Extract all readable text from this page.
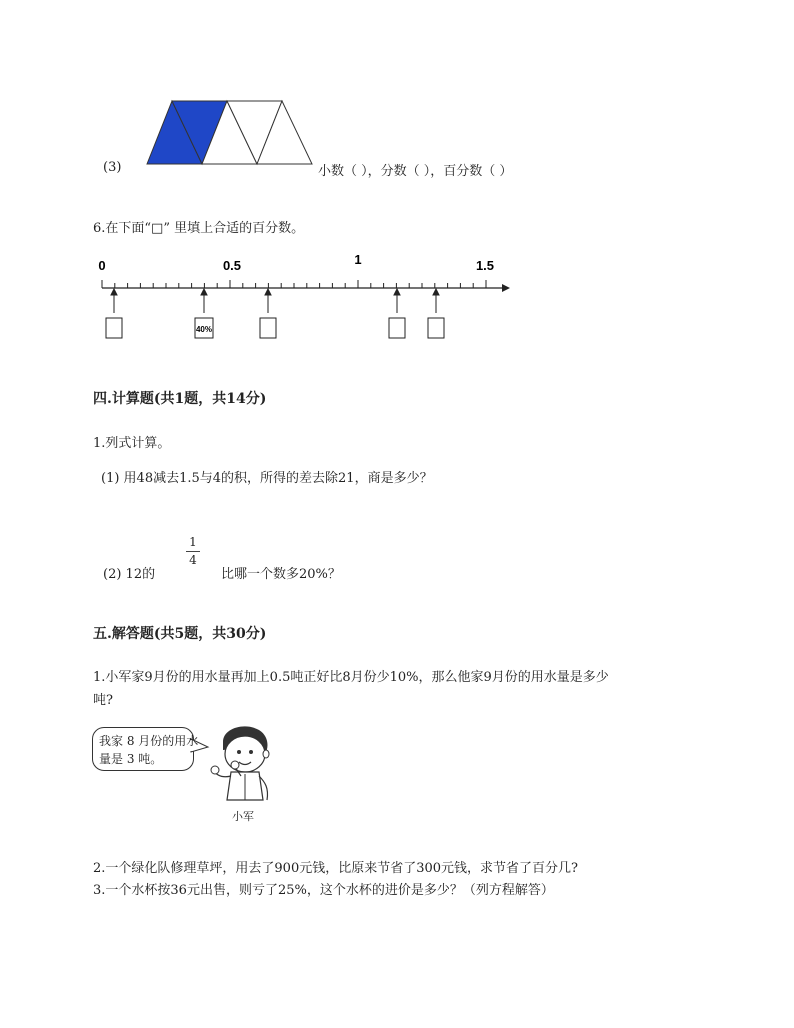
(3)	小数（ ），分数（ ），百分数（ ）
6.在下面“□” 里填上合适的百分数。
0	0.5	1	1.5
40%
四.计算题(共1题，共14分)
1.列式计算。
(1) 用48减去1.5与4的积，所得的差去除21，商是多少？
(2) 12的
1
4
比哪一个数多20%？
五.解答题(共5题，共30分)
1.小军家9月份的用水量再加上0.5吨正好比8月份少10%，那么他家9月份的用水量是多少
吨?
我家 8 月份的用水量是 3 吨。
小军
2.一个绿化队修理草坪，用去了900元钱，比原来节省了300元钱，求节省了百分几?
3.一个水杯按36元出售，则亏了25%，这个水杯的进价是多少？（列方程解答）
